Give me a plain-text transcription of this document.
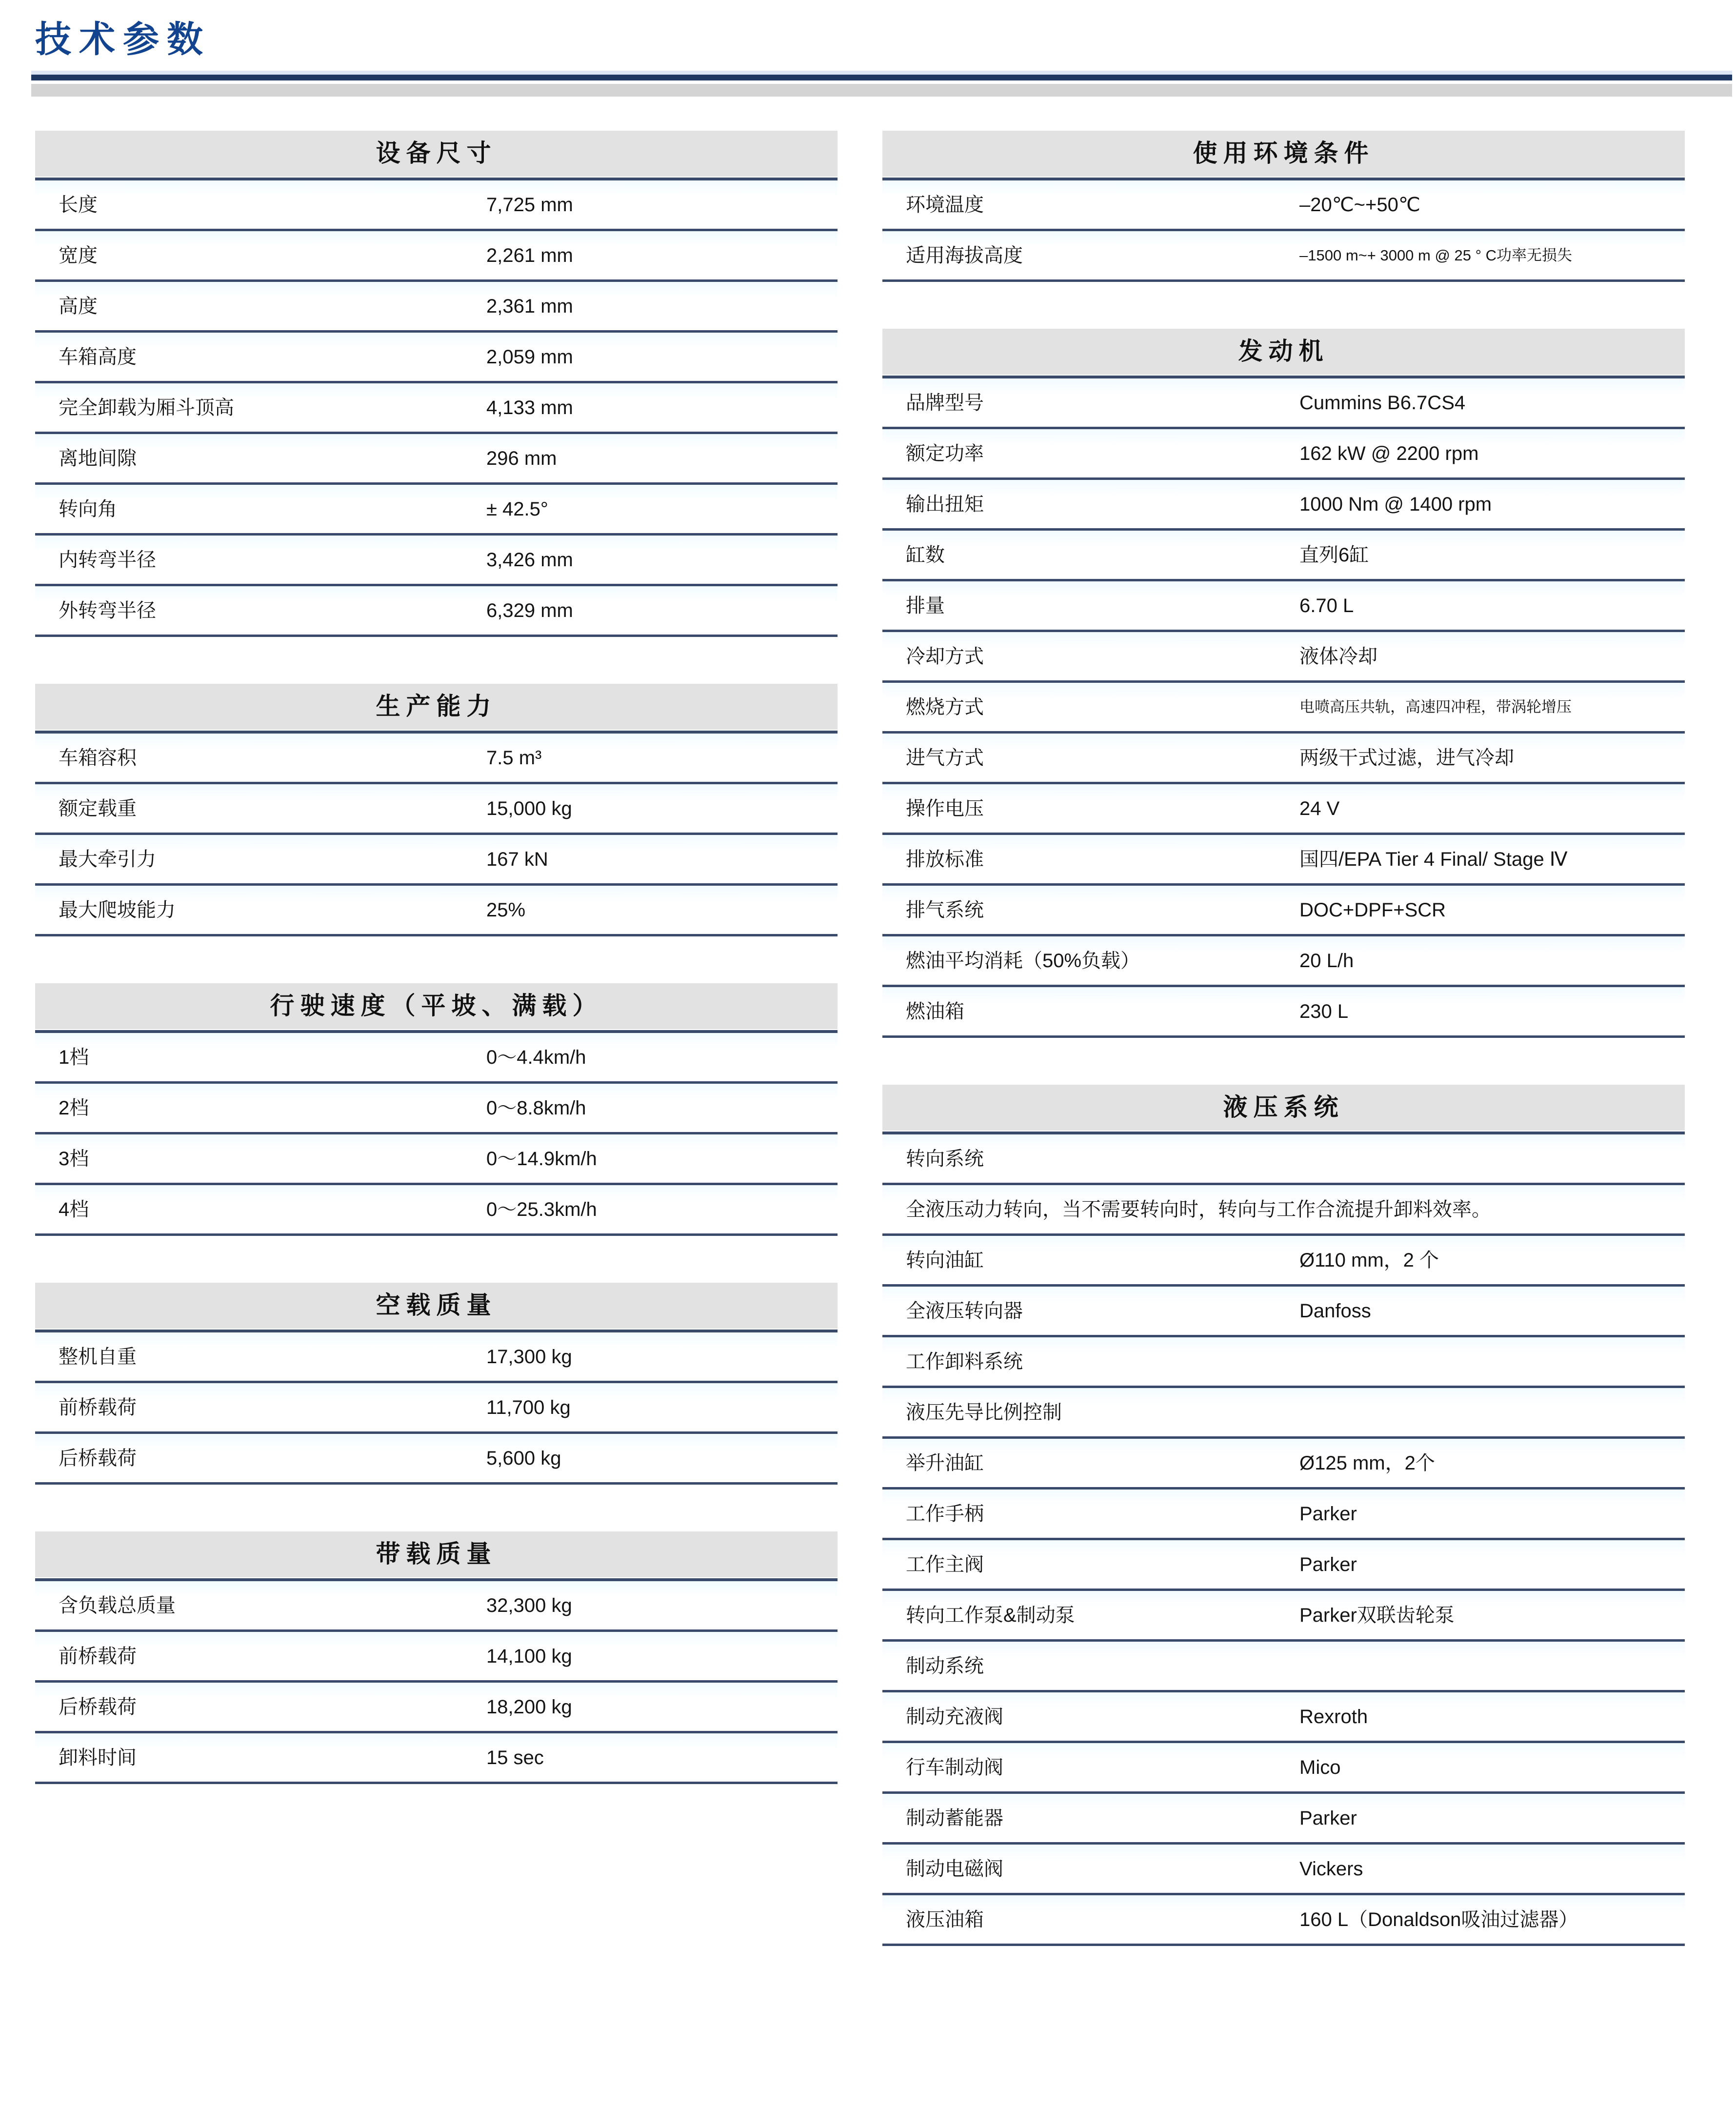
技术参数
设备尺寸
长度	7,725 mm
宽度	2,261 mm
高度	2,361 mm
车箱高度	2,059 mm
完全卸载为厢斗顶高	4,133 mm
离地间隙	296 mm
转向角	± 42.5°
内转弯半径	3,426 mm
外转弯半径	6,329 mm
生产能力
车箱容积	7.5 m³
额定载重	15,000 kg
最大牵引力	167 kN
最大爬坡能力	25%
行驶速度（平坡、满载）
1档	0～4.4km/h
2档	0～8.8km/h
3档	0～14.9km/h
4档	0～25.3km/h
空载质量
整机自重	17,300 kg
前桥载荷	11,700 kg
后桥载荷	5,600 kg
带载质量
含负载总质量	32,300 kg
前桥载荷	14,100 kg
后桥载荷	18,200 kg
卸料时间	15 sec
使用环境条件
环境温度	–20℃~+50℃
适用海拔高度	–1500 m~+ 3000 m @ 25 ° C功率无损失
发动机
品牌型号	Cummins B6.7CS4
额定功率	162 kW @ 2200 rpm
输出扭矩	1000 Nm @ 1400 rpm
缸数	直列6缸
排量	6.70 L
冷却方式	液体冷却
燃烧方式	电喷高压共轨，高速四冲程，带涡轮增压
进气方式	两级干式过滤，进气冷却
操作电压	24 V
排放标准	国四/EPA Tier 4 Final/ Stage Ⅳ
排气系统	DOC+DPF+SCR
燃油平均消耗（50%负载）	20 L/h
燃油箱	230 L
液压系统
转向系统
全液压动力转向，当不需要转向时，转向与工作合流提升卸料效率。
转向油缸	Ø110 mm，2 个
全液压转向器	Danfoss
工作卸料系统
液压先导比例控制
举升油缸	Ø125 mm，2个
工作手柄	Parker
工作主阀	Parker
转向工作泵&制动泵	Parker双联齿轮泵
制动系统
制动充液阀	Rexroth
行车制动阀	Mico
制动蓄能器	Parker
制动电磁阀	Vickers
液压油箱	160 L（Donaldson吸油过滤器）
